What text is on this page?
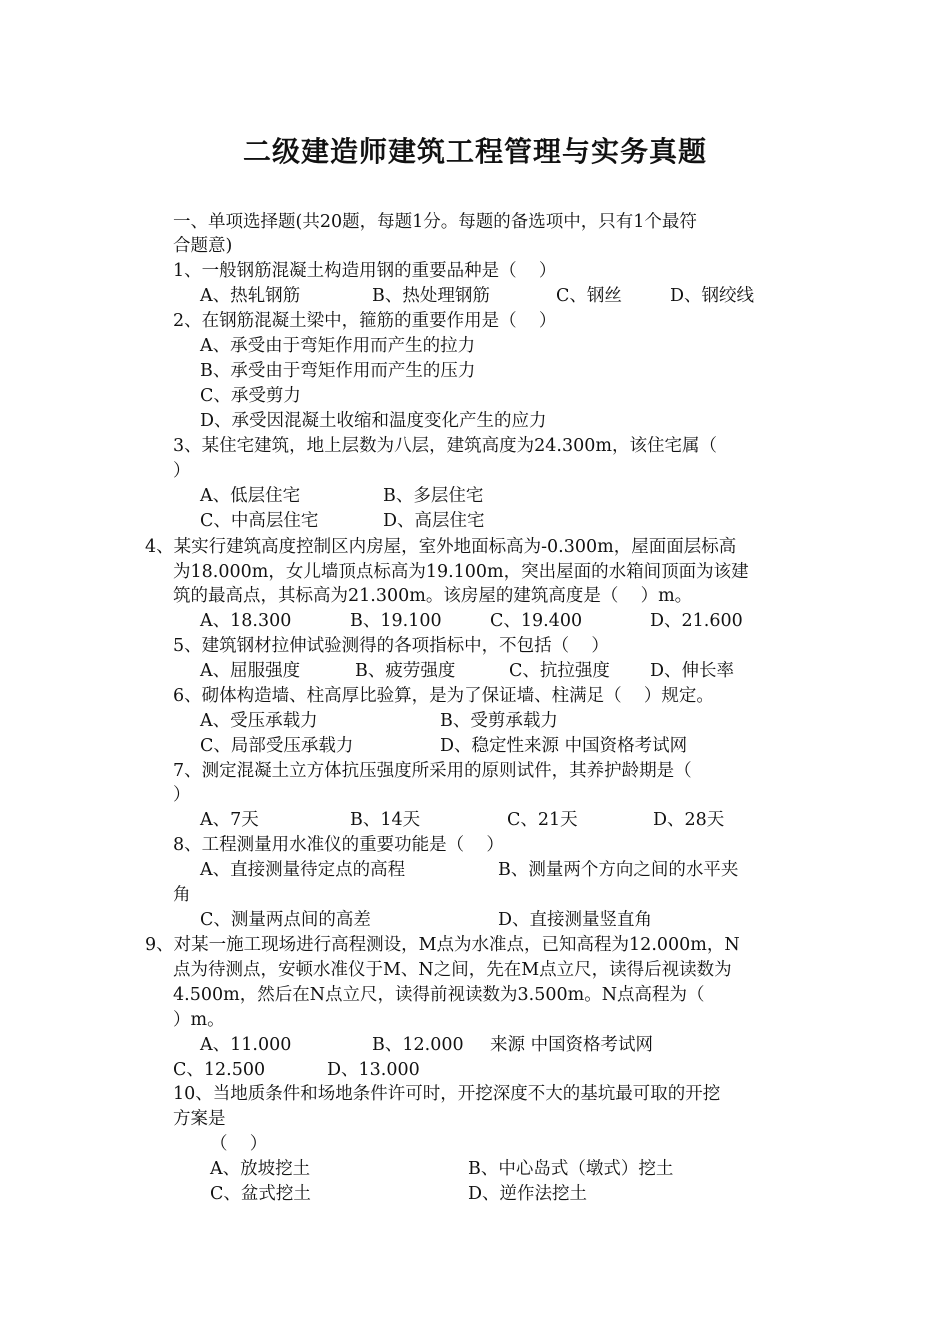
二级建造师建筑工程管理与实务真题
一、单项选择题(共20题，每题1分。每题的备选项中，只有1个最符
合题意)
1、一般钢筋混凝土构造用钢的重要品种是（    ）
A、热轧钢筋	B、热处理钢筋	C、钢丝	D、钢绞线
2、在钢筋混凝土梁中，箍筋的重要作用是（    ）
A、承受由于弯矩作用而产生的拉力
B、承受由于弯矩作用而产生的压力
C、承受剪力
D、承受因混凝土收缩和温度变化产生的应力
3、某住宅建筑，地上层数为八层，建筑高度为24.300m，该住宅属（
）
A、低层住宅	B、多层住宅
C、中高层住宅	D、高层住宅
4、某实行建筑高度控制区内房屋，室外地面标高为-0.300m，屋面面层标高
为18.000m，女儿墙顶点标高为19.100m，突出屋面的水箱间顶面为该建
筑的最高点，其标高为21.300m。该房屋的建筑高度是（    ）m。
A、18.300	B、19.100	C、19.400	D、21.600
5、建筑钢材拉伸试验测得的各项指标中，不包括（    ）
A、屈服强度	B、疲劳强度	C、抗拉强度 D、伸长率
6、砌体构造墙、柱高厚比验算，是为了保证墙、柱满足（    ）规定。
A、受压承载力	B、受剪承载力
C、局部受压承载力	D、稳定性来源 中国资格考试网
7、测定混凝土立方体抗压强度所采用的原则试件，其养护龄期是（
）
A、7天	B、14天	C、21天	D、28天
8、工程测量用水准仪的重要功能是（    ）
A、直接测量待定点的高程	B、测量两个方向之间的水平夹
角
C、测量两点间的高差	D、直接测量竖直角
9、对某一施工现场进行高程测设，M点为水准点，已知高程为12.000m，N
点为待测点，安顿水准仪于M、N之间，先在M点立尺，读得后视读数为
4.500m，然后在N点立尺，读得前视读数为3.500m。N点高程为（
）m。
A、11.000	B、12.000 来源 中国资格考试网
C、12.500	D、13.000
10、当地质条件和场地条件许可时，开挖深度不大的基坑最可取的开挖
方案是
（    ）
A、放坡挖土	B、中心岛式（墩式）挖土
C、盆式挖土	D、逆作法挖土
